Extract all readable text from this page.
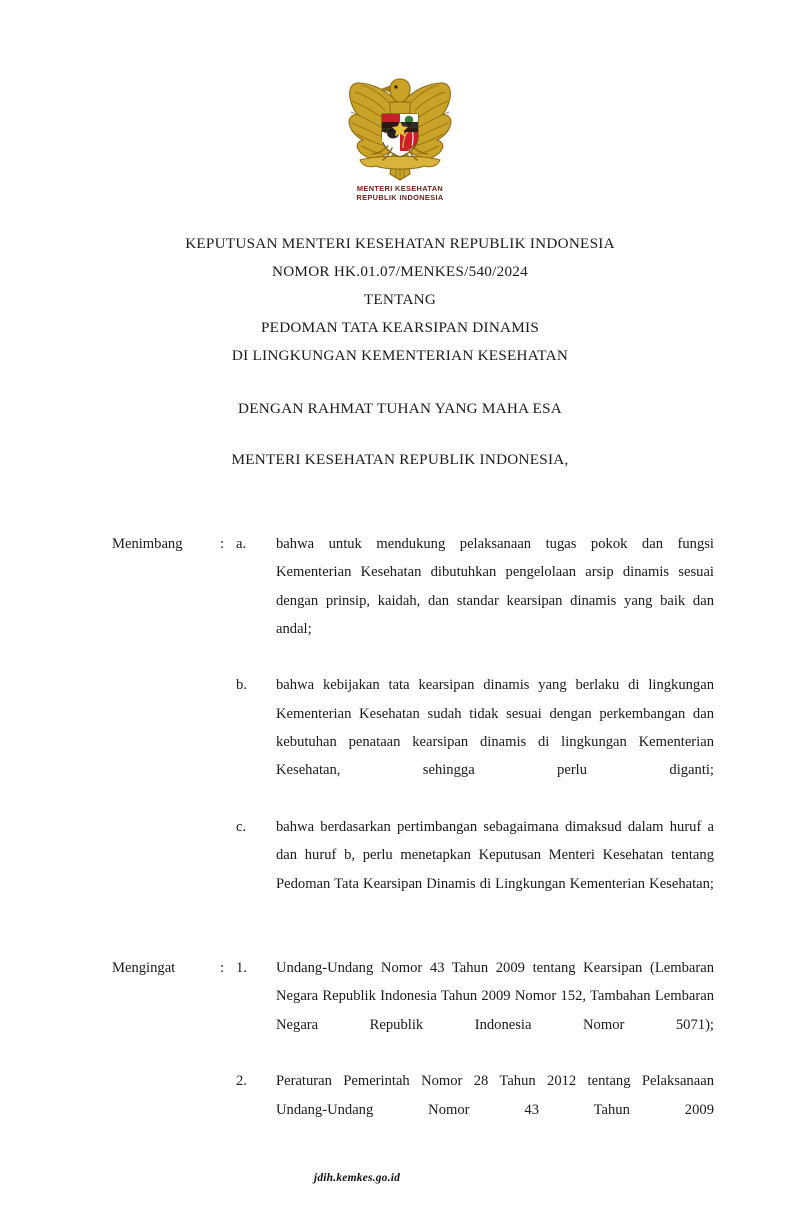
MENTERI KESEHATAN
REPUBLIK INDONESIA
KEPUTUSAN MENTERI KESEHATAN REPUBLIK INDONESIA
NOMOR HK.01.07/MENKES/540/2024
TENTANG
PEDOMAN TATA KEARSIPAN DINAMIS
DI LINGKUNGAN KEMENTERIAN KESEHATAN
DENGAN RAHMAT TUHAN YANG MAHA ESA
MENTERI KESEHATAN REPUBLIK INDONESIA,
Menimbang	: a.	bahwa untuk mendukung pelaksanaan tugas pokok dan fungsi Kementerian Kesehatan dibutuhkan pengelolaan arsip dinamis sesuai dengan prinsip, kaidah, dan standar kearsipan dinamis yang baik dan andal;
b.	bahwa kebijakan tata kearsipan dinamis yang berlaku di lingkungan Kementerian Kesehatan sudah tidak sesuai dengan perkembangan dan kebutuhan penataan kearsipan dinamis di lingkungan Kementerian Kesehatan, sehingga perlu diganti;
c.	bahwa berdasarkan pertimbangan sebagaimana dimaksud dalam huruf a dan huruf b, perlu menetapkan Keputusan Menteri Kesehatan tentang Pedoman Tata Kearsipan Dinamis di Lingkungan Kementerian Kesehatan;
Mengingat	: 1.	Undang-Undang Nomor 43 Tahun 2009 tentang Kearsipan (Lembaran Negara Republik Indonesia Tahun 2009 Nomor 152, Tambahan Lembaran Negara Republik Indonesia Nomor 5071);
2.	Peraturan Pemerintah Nomor 28 Tahun 2012 tentang Pelaksanaan Undang-Undang Nomor 43 Tahun 2009
jdih.kemkes.go.id
